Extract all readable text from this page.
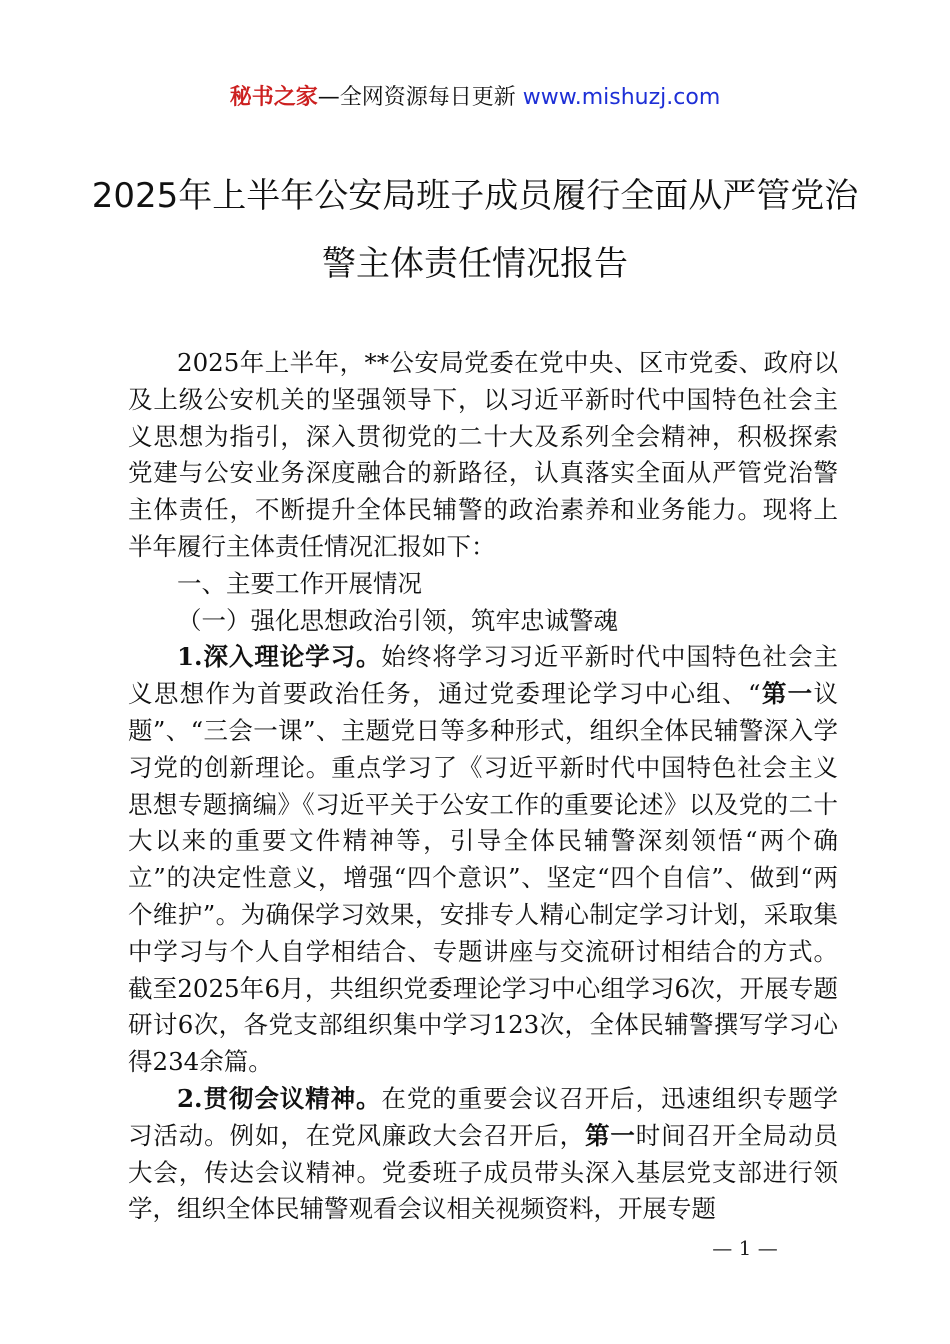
秘书之家—全网资源每日更新 www.mishuzj.com
2025年上半年公安局班子成员履行全面从严管党治警主体责任情况报告

2025年上半年，**公安局党委在党中央、区市党委、政府以及上级公安机关的坚强领导下，以习近平新时代中国特色社会主义思想为指引，深入贯彻党的二十大及系列全会精神，积极探索党建与公安业务深度融合的新路径，认真落实全面从严管党治警主体责任，不断提升全体民辅警的政治素养和业务能力。现将上半年履行主体责任情况汇报如下：

一、主要工作开展情况

（一）强化思想政治引领，筑牢忠诚警魂

1.深入理论学习。始终将学习习近平新时代中国特色社会主义思想作为首要政治任务，通过党委理论学习中心组、“第一议题”、“三会一课”、主题党日等多种形式，组织全体民辅警深入学习党的创新理论。重点学习了《习近平新时代中国特色社会主义思想专题摘编》《习近平关于公安工作的重要论述》以及党的二十大以来的重要文件精神等，引导全体民辅警深刻领悟“两个确立”的决定性意义，增强“四个意识”、坚定“四个自信”、做到“两个维护”。为确保学习效果，安排专人精心制定学习计划，采取集中学习与个人自学相结合、专题讲座与交流研讨相结合的方式。截至2025年6月，共组织党委理论学习中心组学习6次，开展专题研讨6次，各党支部组织集中学习123次，全体民辅警撰写学习心得234余篇。

2.贯彻会议精神。在党的重要会议召开后，迅速组织专题学习活动。例如，在党风廉政大会召开后，第一时间召开全局动员大会，传达会议精神。党委班子成员带头深入基层党支部进行领学，组织全体民辅警观看会议相关视频资料，开展专题

— 1 —
